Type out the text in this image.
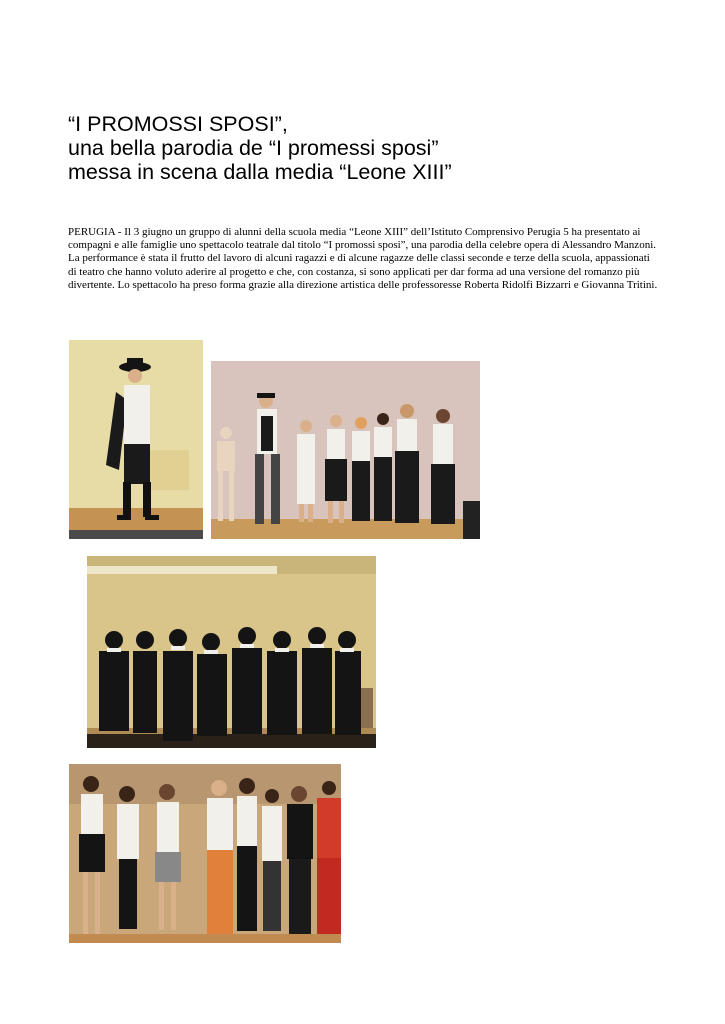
“I PROMOSSI SPOSI”,
una bella parodia de “I promessi sposi”
messa in scena dalla media “Leone XIII”

PERUGIA - Il 3 giugno un gruppo di alunni della scuola media “Leone XIII” dell’Istituto Comprensivo Perugia 5 ha presentato ai compagni e alle famiglie uno spettacolo teatrale dal titolo “I promossi sposi”, una parodia della celebre opera di Alessandro Manzoni.

La performance è stata il frutto del lavoro di alcuni ragazzi e di alcune ragazze delle classi seconde e terze della scuola, appassionati di teatro che hanno voluto aderire al progetto e che, con costanza, si sono applicati per dar forma ad una versione del romanzo più divertente. Lo spettacolo ha preso forma grazie alla direzione artistica delle professoresse Roberta Ridolfi Bizzarri e Giovanna Tritini.
